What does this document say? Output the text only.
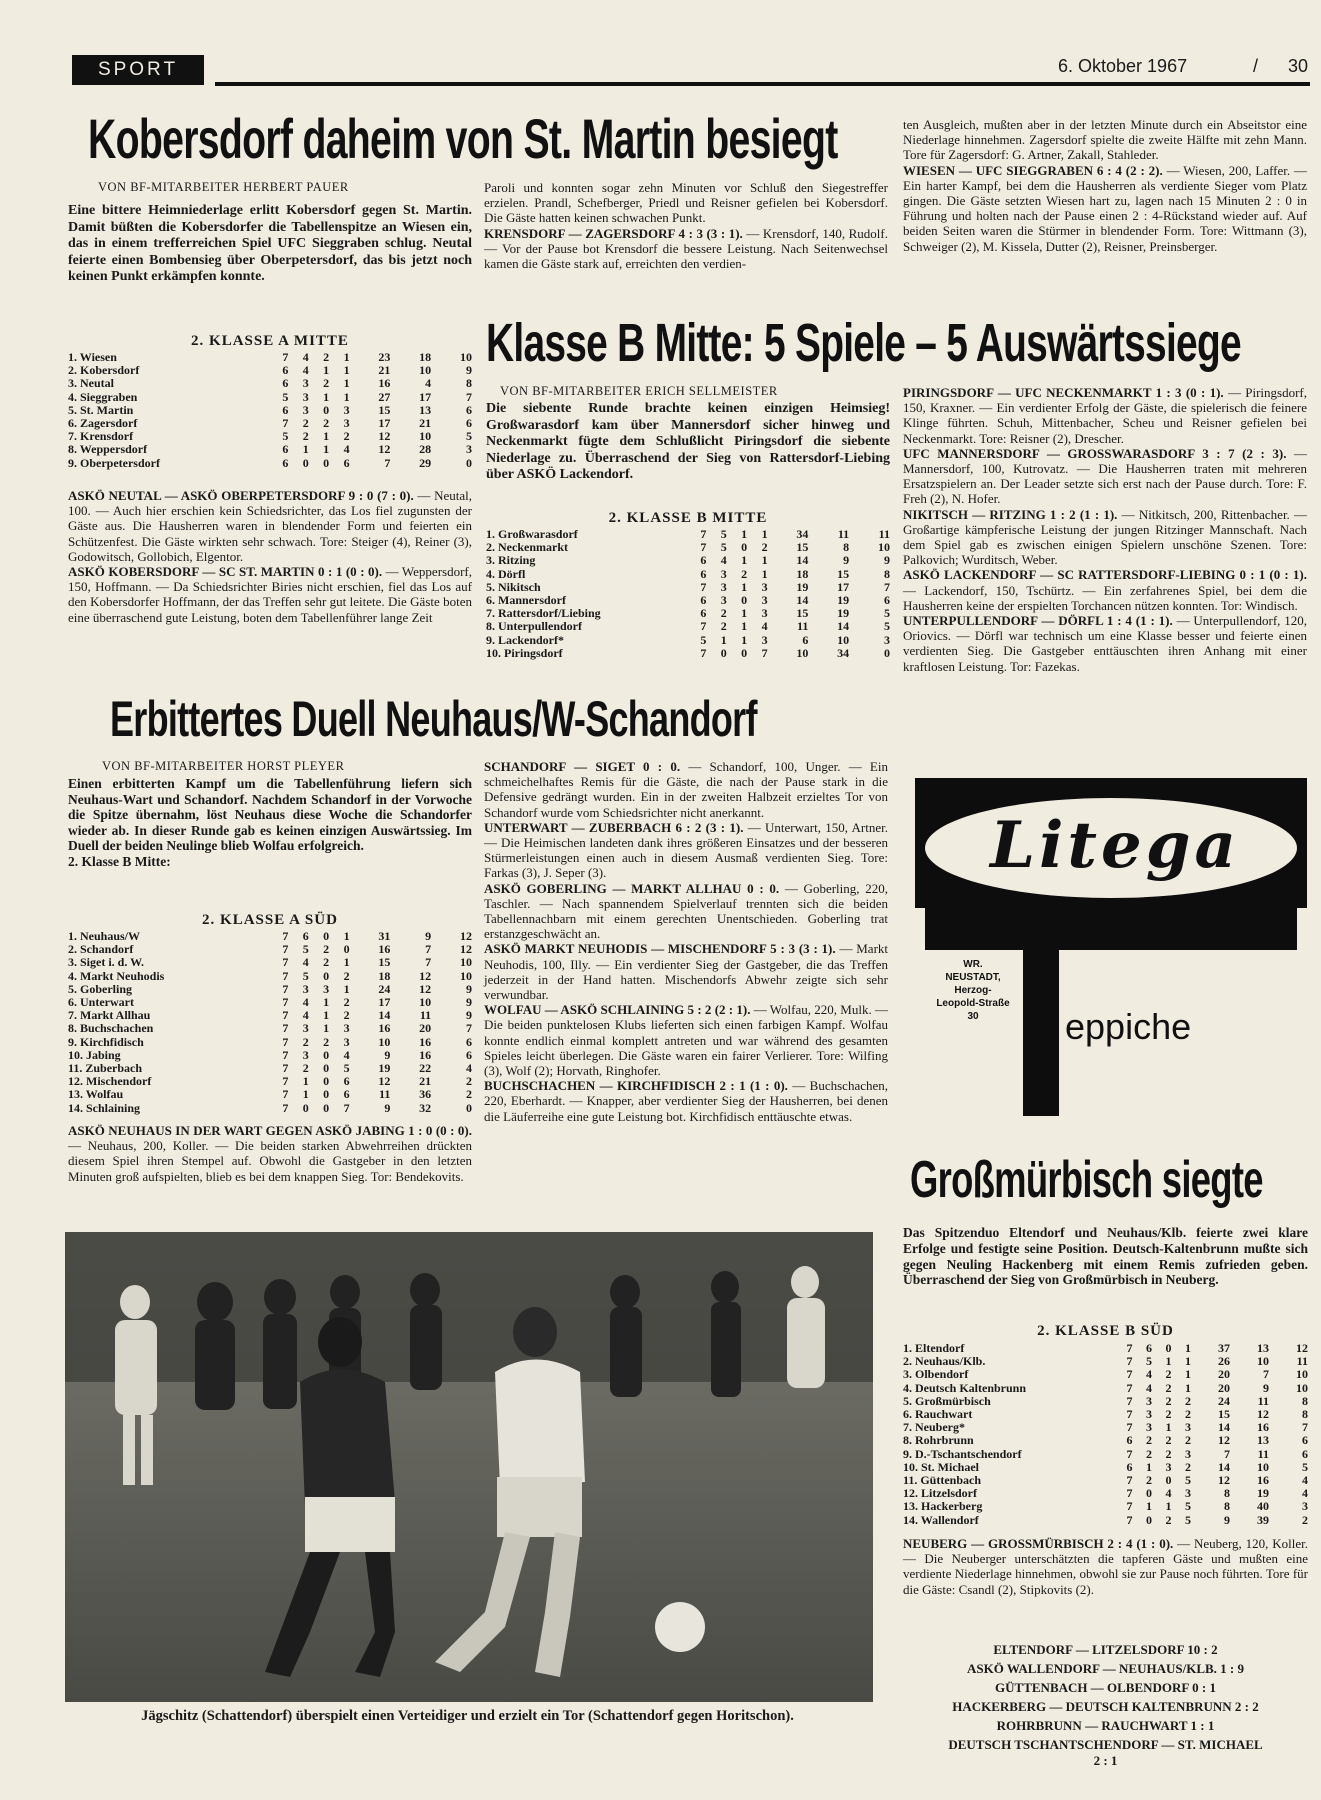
SPORT	6. Oktober 1967	/ 30
Kobersdorf daheim von St. Martin besiegt
VON BF-MITARBEITER HERBERT PAUER
Eine bittere Heimniederlage erlitt Kobersdorf gegen St. Martin. Damit büßten die Kobersdorfer die Tabellenspitze an Wiesen ein, das in einem trefferreichen Spiel UFC Sieggraben schlug. Neutal feierte einen Bombensieg über Oberpetersdorf, das bis jetzt noch keinen Punkt erkämpfen konnte.
2. KLASSE A MITTE
1. Wiesen	7	4	2	1	23	18	10
2. Kobersdorf	6	4	1	1	21	10	9
3. Neutal	6	3	2	1	16	4	8
4. Sieggraben	5	3	1	1	27	17	7
5. St. Martin	6	3	0	3	15	13	6
6. Zagersdorf	7	2	2	3	17	21	6
7. Krensdorf	5	2	1	2	12	10	5
8. Weppersdorf	6	1	1	4	12	28	3
9. Oberpetersdorf	6	0	0	6	7	29	0

ASKÖ NEUTAL — ASKÖ OBERPETERSDORF 9 : 0 (7 : 0). — Neutal, 100. — Auch hier erschien kein Schiedsrichter, das Los fiel zugunsten der Gäste aus. Die Hausherren waren in blendender Form und feierten ein Schützenfest. Die Gäste wirkten sehr schwach. Tore: Steiger (4), Reiner (3), Godowitsch, Gollobich, Elgentor.

ASKÖ KOBERSDORF — SC ST. MARTIN 0 : 1 (0 : 0). — Weppersdorf, 150, Hoffmann. — Da Schiedsrichter Biries nicht erschien, fiel das Los auf den Kobersdorfer Hoffmann, der das Treffen sehr gut leitete. Die Gäste boten eine überraschend gute Leistung, boten dem Tabellenführer lange Zeit

Paroli und konnten sogar zehn Minuten vor Schluß den Siegestreffer erzielen. Prandl, Schefberger, Priedl und Reisner gefielen bei Kobersdorf. Die Gäste hatten keinen schwachen Punkt.

KRENSDORF — ZAGERSDORF 4 : 3 (3 : 1). — Krensdorf, 140, Rudolf. — Vor der Pause bot Krensdorf die bessere Leistung. Nach Seitenwechsel kamen die Gäste stark auf, erreichten den verdien-

ten Ausgleich, mußten aber in der letzten Minute durch ein Abseitstor eine Niederlage hinnehmen. Zagersdorf spielte die zweite Hälfte mit zehn Mann. Tore für Zagersdorf: G. Artner, Zakall, Stahleder.

WIESEN — UFC SIEGGRABEN 6 : 4 (2 : 2). — Wiesen, 200, Laffer. — Ein harter Kampf, bei dem die Hausherren als verdiente Sieger vom Platz gingen. Die Gäste setzten Wiesen hart zu, lagen nach 15 Minuten 2 : 0 in Führung und holten nach der Pause einen 2 : 4-Rückstand wieder auf. Auf beiden Seiten waren die Stürmer in blendender Form. Tore: Wittmann (3), Schweiger (2), M. Kissela, Dutter (2), Reisner, Preinsberger.

Klasse B Mitte: 5 Spiele – 5 Auswärtssiege
VON BF-MITARBEITER ERICH SELLMEISTER
Die siebente Runde brachte keinen einzigen Heimsieg! Großwarasdorf kam über Mannersdorf sicher hinweg und Neckenmarkt fügte dem Schlußlicht Piringsdorf die siebente Niederlage zu. Überraschend der Sieg von Rattersdorf-Liebing über ASKÖ Lackendorf.
2. KLASSE B MITTE
1. Großwarasdorf	7	5	1	1	34	11	11
2. Neckenmarkt	7	5	0	2	15	8	10
3. Ritzing	6	4	1	1	14	9	9
4. Dörfl	6	3	2	1	18	15	8
5. Nikitsch	7	3	1	3	19	17	7
6. Mannersdorf	6	3	0	3	14	19	6
7. Rattersdorf/Liebing	6	2	1	3	15	19	5
8. Unterpullendorf	7	2	1	4	11	14	5
9. Lackendorf*	5	1	1	3	6	10	3
10. Piringsdorf	7	0	0	7	10	34	0

PIRINGSDORF — UFC NECKENMARKT 1 : 3 (0 : 1). — Piringsdorf, 150, Kraxner. — Ein verdienter Erfolg der Gäste, die spielerisch die feinere Klinge führten. Schuh, Mittenbacher, Scheu und Reisner gefielen bei Neckenmarkt. Tore: Reisner (2), Drescher.

UFC MANNERSDORF — GROSSWARASDORF 3 : 7 (2 : 3). — Mannersdorf, 100, Kutrovatz. — Die Hausherren traten mit mehreren Ersatzspielern an. Der Leader setzte sich erst nach der Pause durch. Tore: F. Freh (2), N. Hofer.

NIKITSCH — RITZING 1 : 2 (1 : 1). — Nitkitsch, 200, Rittenbacher. — Großartige kämpferische Leistung der jungen Ritzinger Mannschaft. Nach dem Spiel gab es zwischen einigen Spielern unschöne Szenen. Tore: Palkovich; Wurditsch, Weber.

ASKÖ LACKENDORF — SC RATTERSDORF-LIEBING 0 : 1 (0 : 1). — Lackendorf, 150, Tschürtz. — Ein zerfahrenes Spiel, bei dem die Hausherren keine der erspielten Torchancen nützen konnten. Tor: Windisch.

UNTERPULLENDORF — DÖRFL 1 : 4 (1 : 1). — Unterpullendorf, 120, Oriovics. — Dörfl war technisch um eine Klasse besser und feierte einen verdienten Sieg. Die Gastgeber enttäuschten ihren Anhang mit einer kraftlosen Leistung. Tor: Fazekas.

Erbittertes Duell Neuhaus/W-Schandorf
VON BF-MITARBEITER HORST PLEYER

Einen erbitterten Kampf um die Tabellenführung liefern sich Neuhaus-Wart und Schandorf. Nachdem Schandorf in der Vorwoche die Spitze übernahm, löst Neuhaus diese Woche die Schandorfer wieder ab. In dieser Runde gab es keinen einzigen Auswärtssieg. Im Duell der beiden Neulinge blieb Wolfau erfolgreich.

2. Klasse B Mitte:

2. KLASSE A SÜD
1. Neuhaus/W	7	6	0	1	31	9	12
2. Schandorf	7	5	2	0	16	7	12
3. Siget i. d. W.	7	4	2	1	15	7	10
4. Markt Neuhodis	7	5	0	2	18	12	10
5. Goberling	7	3	3	1	24	12	9
6. Unterwart	7	4	1	2	17	10	9
7. Markt Allhau	7	4	1	2	14	11	9
8. Buchschachen	7	3	1	3	16	20	7
9. Kirchfidisch	7	2	2	3	10	16	6
10. Jabing	7	3	0	4	9	16	6
11. Zuberbach	7	2	0	5	19	22	4
12. Mischendorf	7	1	0	6	12	21	2
13. Wolfau	7	1	0	6	11	36	2
14. Schlaining	7	0	0	7	9	32	0

ASKÖ NEUHAUS IN DER WART GEGEN ASKÖ JABING 1 : 0 (0 : 0). — Neuhaus, 200, Koller. — Die beiden starken Abwehrreihen drückten diesem Spiel ihren Stempel auf. Obwohl die Gastgeber in den letzten Minuten groß aufspielten, blieb es bei dem knappen Sieg. Tor: Bendekovits.

SCHANDORF — SIGET 0 : 0. — Schandorf, 100, Unger. — Ein schmeichelhaftes Remis für die Gäste, die nach der Pause stark in die Defensive gedrängt wurden. Ein in der zweiten Halbzeit erzieltes Tor von Schandorf wurde vom Schiedsrichter nicht anerkannt.

UNTERWART — ZUBERBACH 6 : 2 (3 : 1). — Unterwart, 150, Artner. — Die Heimischen landeten dank ihres größeren Einsatzes und der besseren Stürmerleistungen einen auch in diesem Ausmaß verdienten Sieg. Tore: Farkas (3), J. Seper (3).

ASKÖ GOBERLING — MARKT ALLHAU 0 : 0. — Goberling, 220, Taschler. — Nach spannendem Spielverlauf trennten sich die beiden Tabellennachbarn mit einem gerechten Unentschieden. Goberling trat erstanzgeschwächt an.

ASKÖ MARKT NEUHODIS — MISCHENDORF 5 : 3 (3 : 1). — Markt Neuhodis, 100, Illy. — Ein verdienter Sieg der Gastgeber, die das Treffen jederzeit in der Hand hatten. Mischendorfs Abwehr zeigte sich sehr verwundbar.

WOLFAU — ASKÖ SCHLAINING 5 : 2 (2 : 1). — Wolfau, 220, Mulk. — Die beiden punktelosen Klubs lieferten sich einen farbigen Kampf. Wolfau konnte endlich einmal komplett antreten und war während des gesamten Spieles leicht überlegen. Die Gäste waren ein fairer Verlierer. Tore: Wilfing (3), Wolf (2); Horvath, Ringhofer.

BUCHSCHACHEN — KIRCHFIDISCH 2 : 1 (1 : 0). — Buchschachen, 220, Eberhardt. — Knapper, aber verdienter Sieg der Hausherren, bei denen die Läuferreihe eine gute Leistung bot. Kirchfidisch enttäuschte etwas.

Jägschitz (Schattendorf) überspielt einen Verteidiger und erzielt ein Tor (Schattendorf gegen Horitschon).
Litega
WR.
NEUSTADT,
Herzog-
Leopold-Straße
30	eppiche
Großmürbisch siegte
Das Spitzenduo Eltendorf und Neuhaus/Klb. feierte zwei klare Erfolge und festigte seine Position. Deutsch-Kaltenbrunn mußte sich gegen Neuling Hackenberg mit einem Remis zufrieden geben. Überraschend der Sieg von Großmürbisch in Neuberg.
2. KLASSE B SÜD
1. Eltendorf	7	6	0	1	37	13	12
2. Neuhaus/Klb.	7	5	1	1	26	10	11
3. Olbendorf	7	4	2	1	20	7	10
4. Deutsch Kaltenbrunn	7	4	2	1	20	9	10
5. Großmürbisch	7	3	2	2	24	11	8
6. Rauchwart	7	3	2	2	15	12	8
7. Neuberg*	7	3	1	3	14	16	7
8. Rohrbrunn	6	2	2	2	12	13	6
9. D.-Tschantschendorf	7	2	2	3	7	11	6
10. St. Michael	6	1	3	2	14	10	5
11. Güttenbach	7	2	0	5	12	16	4
12. Litzelsdorf	7	0	4	3	8	19	4
13. Hackerberg	7	1	1	5	8	40	3
14. Wallendorf	7	0	2	5	9	39	2

NEUBERG — GROSSMÜRBISCH 2 : 4 (1 : 0). — Neuberg, 120, Koller. — Die Neuberger unterschätzten die tapferen Gäste und mußten eine verdiente Niederlage hinnehmen, obwohl sie zur Pause noch führten. Tore für die Gäste: Csandl (2), Stipkovits (2).

ELTENDORF — LITZELSDORF 10 : 2
ASKÖ WALLENDORF — NEUHAUS/KLB. 1 : 9
GÜTTENBACH — OLBENDORF 0 : 1
HACKERBERG — DEUTSCH KALTENBRUNN 2 : 2
ROHRBRUNN — RAUCHWART 1 : 1
DEUTSCH TSCHANTSCHENDORF — ST. MICHAEL
2 : 1
